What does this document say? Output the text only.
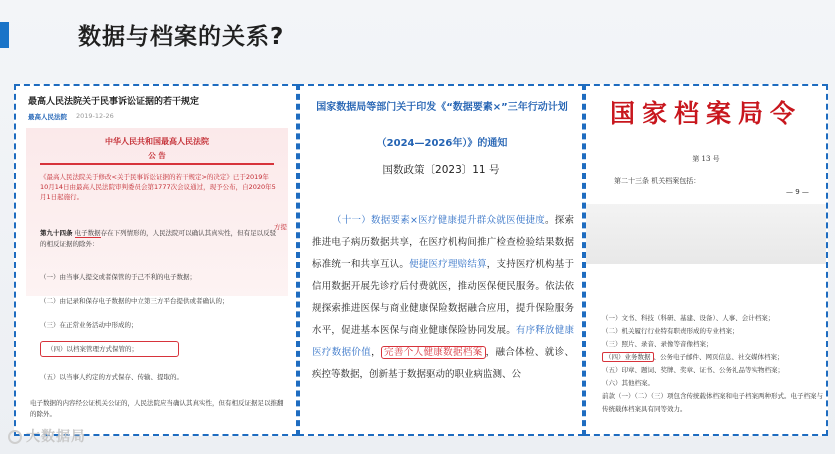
数据与档案的关系?
最高人民法院关于民事诉讼证据的若干规定
最高人民法院 2019-12-26
中华人民共和国最高人民法院
公 告
《最高人民法院关于修改<关于民事诉讼证据的若干规定>的决定》已于2019年10月14日由最高人民法院审判委员会第1777次会议通过，现予公布，自2020年5月1日起施行。
第九十四条 电子数据存在下列情形的，人民法院可以确认其真实性，但有足以反驳的相反证据的除外：
方提
（一）由当事人提交或者保管的于己不利的电子数据；
（二）由记录和保存电子数据的中立第三方平台提供或者确认的；
（三）在正常业务活动中形成的；
（四）以档案管理方式保管的；
（五）以当事人约定的方式保存、传输、提取的。
电子数据的内容经公证机关公证的，人民法院应当确认其真实性，但有相反证据足以推翻的除外。
国家数据局等部门关于印发《“数据要素×”三年行动计划
（2024—2026年）》的通知
国数政策〔2023〕11 号
（十一）数据要素×医疗健康提升群众就医便捷度。探索推进电子病历数据共享，在医疗机构间推广检查检验结果数据标准统一和共享互认。便捷医疗理赔结算，支持医疗机构基于信用数据开展先诊疗后付费就医，推动医保便民服务。依法依规探索推进医保与商业健康保险数据融合应用，提升保险服务水平，促进基本医保与商业健康保险协同发展。有序释放健康医疗数据价值， 完善个人健康数据档案 ，融合体检、就诊、疾控等数据，创新基于数据驱动的职业病监测、公
国家档案局令
第 13 号
第二十三条 机关档案包括：
— 9 —
（一）文书、科技（科研、基建、设备）、人事、会计档案；
（二）机关履行行业特有职责形成的专业档案；
（三）照片、录音、录像等音像档案；
（四）业务数据 、公务电子邮件、网页信息、社交媒体档案；
（五）印章、题词、奖牌、奖章、证书、公务礼品等实物档案；
（六）其他档案。
前款（一）（二）（三）项包含传统载体档案和电子档案两种形式。电子档案与传统载体档案具有同等效力。
大数据局
